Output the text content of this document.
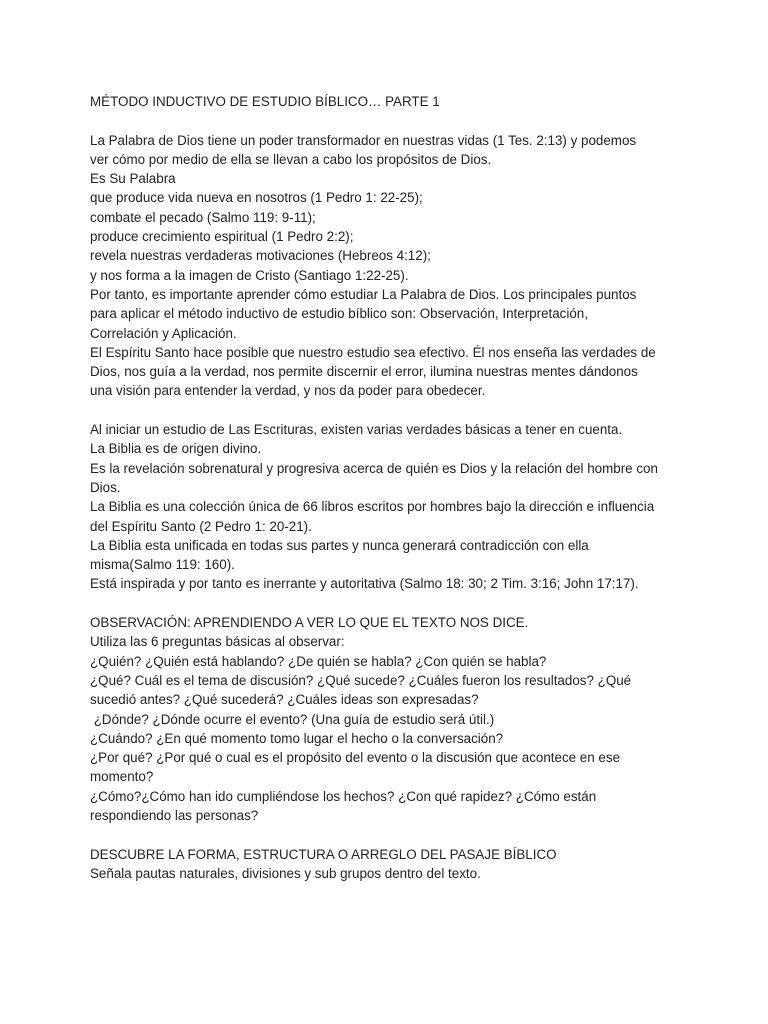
MÉTODO INDUCTIVO DE ESTUDIO BÍBLICO… PARTE 1
La Palabra de Dios tiene un poder transformador en nuestras vidas (1 Tes. 2:13) y podemos
ver cómo por medio de ella se llevan a cabo los propósitos de Dios.
Es Su Palabra
que produce vida nueva en nosotros (1 Pedro 1: 22-25);
combate el pecado (Salmo 119: 9-11);
produce crecimiento espiritual (1 Pedro 2:2);
revela nuestras verdaderas motivaciones (Hebreos 4:12);
y nos forma a la imagen de Cristo (Santiago 1:22-25).
Por tanto, es importante aprender cómo estudiar La Palabra de Dios. Los principales puntos
para aplicar el método inductivo de estudio bíblico son: Observación, Interpretación,
Correlación y Aplicación.
El Espíritu Santo hace posible que nuestro estudio sea efectivo. Él nos enseña las verdades de
Dios, nos guía a la verdad, nos permite discernir el error, ilumina nuestras mentes dándonos
una visión para entender la verdad, y nos da poder para obedecer.
Al iniciar un estudio de Las Escrituras, existen varias verdades básicas a tener en cuenta.
La Biblia es de origen divino.
Es la revelación sobrenatural y progresiva acerca de quién es Dios y la relación del hombre con
Dios.
La Biblia es una colección única de 66 libros escritos por hombres bajo la dirección e influencia
del Espíritu Santo (2 Pedro 1: 20-21).
La Biblia esta unificada en todas sus partes y nunca generará contradicción con ella
misma(Salmo 119: 160).
Está inspirada y por tanto es inerrante y autoritativa (Salmo 18: 30; 2 Tim. 3:16; John 17:17).
OBSERVACIÓN: APRENDIENDO A VER LO QUE EL TEXTO NOS DICE.
Utiliza las 6 preguntas básicas al observar:
¿Quién? ¿Quién está hablando? ¿De quién se habla? ¿Con quién se habla?
¿Qué? Cuál es el tema de discusión? ¿Qué sucede? ¿Cuáles fueron los resultados? ¿Qué
sucedió antes? ¿Qué sucederá? ¿Cuáles ideas son expresadas?
¿Dónde? ¿Dónde ocurre el evento? (Una guía de estudio será útil.)
¿Cuándo? ¿En qué momento tomo lugar el hecho o la conversación?
¿Por qué? ¿Por qué o cual es el propósito del evento o la discusión que acontece en ese
momento?
¿Cómo?¿Cómo han ido cumpliéndose los hechos? ¿Con qué rapidez? ¿Cómo están
respondiendo las personas?
DESCUBRE LA FORMA, ESTRUCTURA O ARREGLO DEL PASAJE BÍBLICO
Señala pautas naturales, divisiones y sub grupos dentro del texto.
